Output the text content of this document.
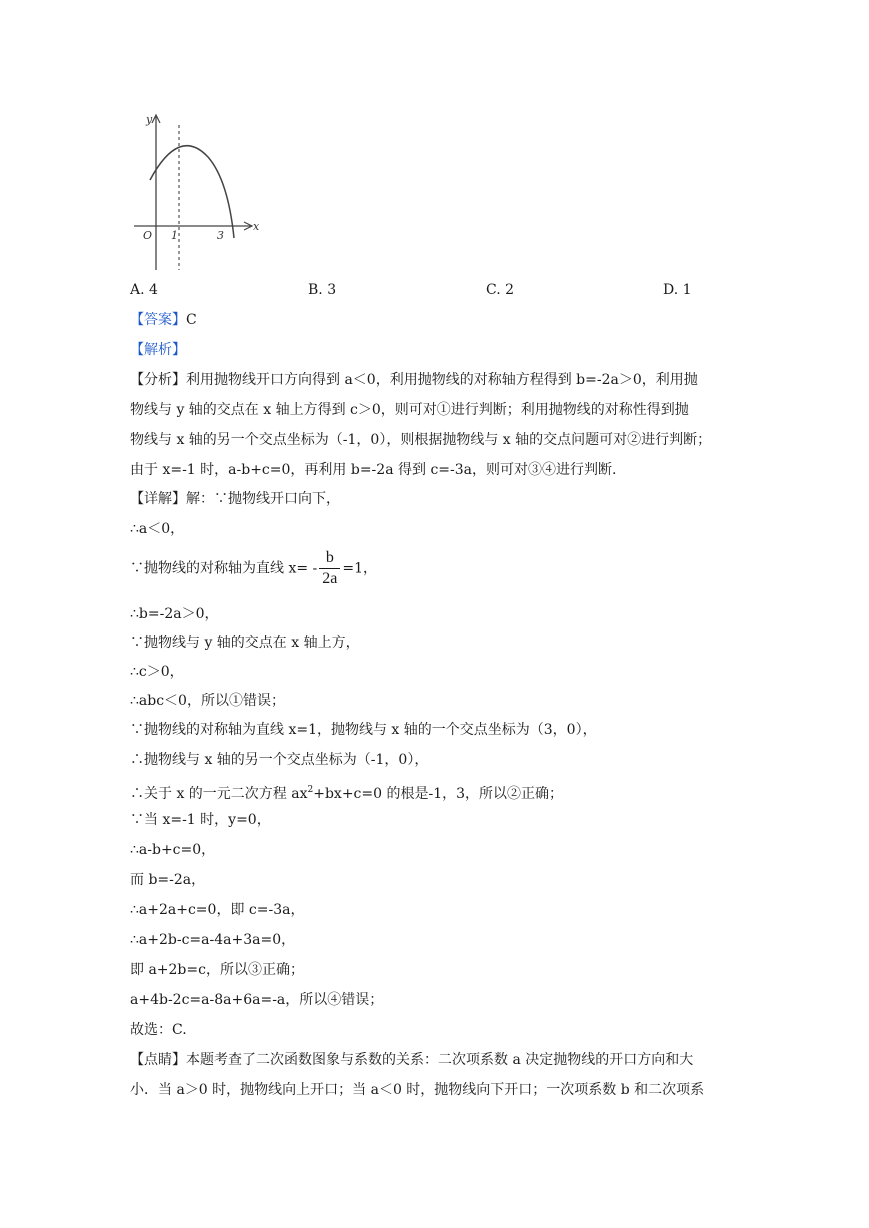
y
x
O 1	3
A. 4	B. 3	C. 2	D. 1
【答案】C
【解析】
【分析】利用抛物线开口方向得到 a＜0，利用抛物线的对称轴方程得到 b=-2a＞0，利用抛
物线与 y 轴的交点在 x 轴上方得到 c＞0，则可对①进行判断；利用抛物线的对称性得到抛
物线与 x 轴的另一个交点坐标为（-1，0），则根据抛物线与 x 轴的交点问题可对②进行判断；
由于 x=-1 时，a-b+c=0，再利用 b=-2a 得到 c=-3a，则可对③④进行判断.
【详解】解：∵抛物线开口向下，
∴a＜0，
∵抛物线的对称轴为直线 $x= - \frac{b}{2a} =1$，
∴b=-2a＞0，
∵抛物线与 y 轴的交点在 x 轴上方，
∴c＞0，
∴abc＜0，所以①错误；
∵抛物线的对称轴为直线 x=1，抛物线与 x 轴的一个交点坐标为（3，0），
∴抛物线与 x 轴的另一个交点坐标为（-1，0），
∴关于 x 的一元二次方程 $ax^2+bx+c=0$ 的根是-1，3，所以②正确；
∵当 x=-1 时，y=0，
∴a-b+c=0，
而 b=-2a，
∴a+2a+c=0，即 c=-3a，
∴a+2b-c=a-4a+3a=0，
即 a+2b=c，所以③正确；
a+4b-2c=a-8a+6a=-a，所以④错误；
故选：C.
【点睛】本题考查了二次函数图象与系数的关系：二次项系数 a 决定抛物线的开口方向和大
小．当 a＞0 时，抛物线向上开口；当 a＜0 时，抛物线向下开口；一次项系数 b 和二次项系
